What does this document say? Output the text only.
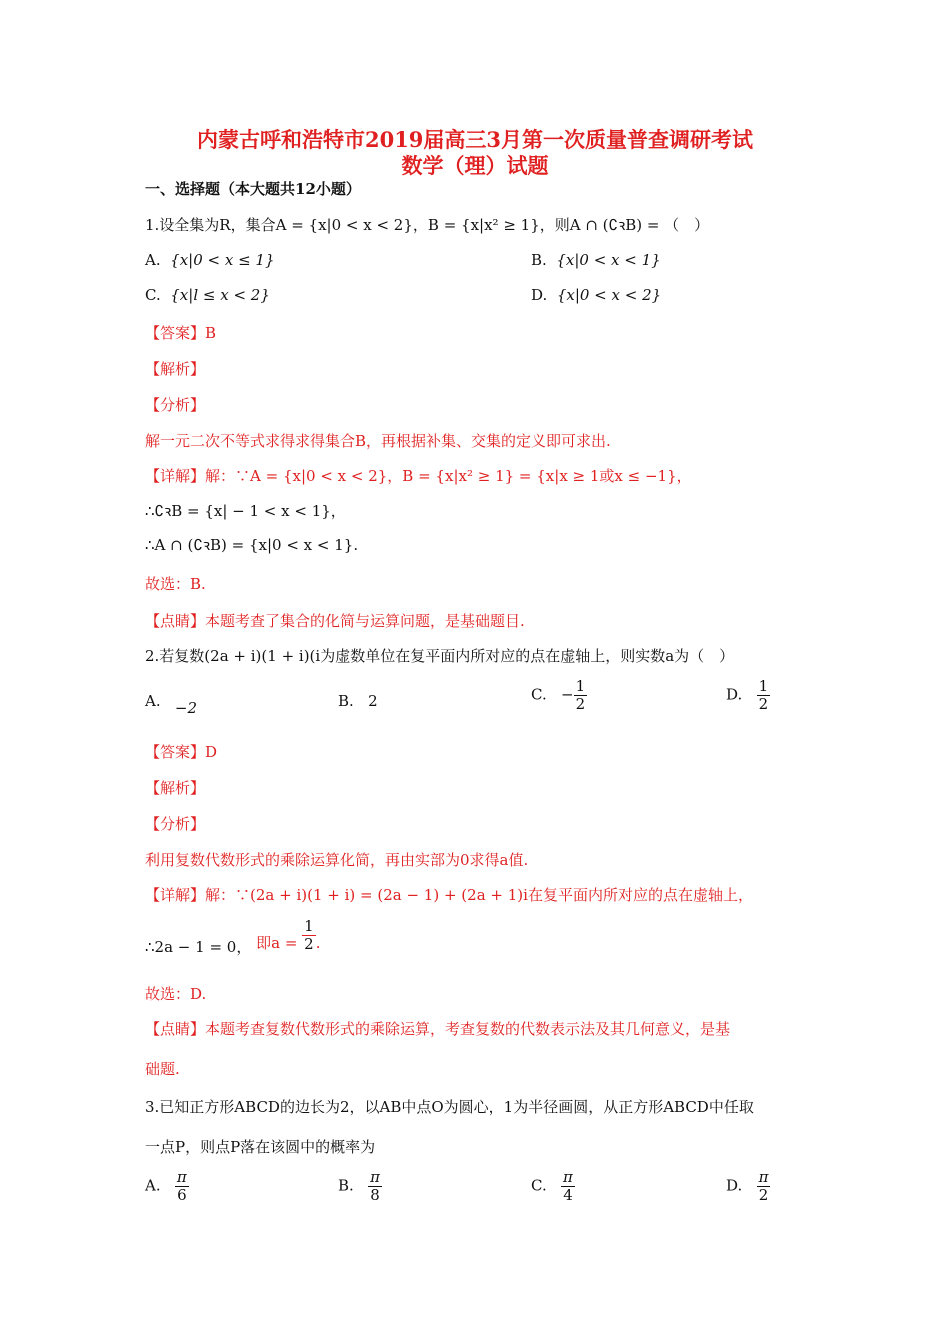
内蒙古呼和浩特市2019届高三3月第一次质量普查调研考试
数学（理）试题
一、选择题（本大题共12小题）
1.设全集为R，集合A = {x|0 < x < 2}，B = {x|x² ≥ 1}，则A ∩ (∁ꝛB) = （　）
A. {x|0 < x ≤ 1}	B. {x|0 < x < 1}
C. {x|l ≤ x < 2}	D. {x|0 < x < 2}
【答案】B
【解析】
【分析】
解一元二次不等式求得求得集合B，再根据补集、交集的定义即可求出.
【详解】解：∵A = {x|0 < x < 2}，B = {x|x² ≥ 1} = {x|x ≥ 1或x ≤ −1}，
∴∁ꝛB = {x| − 1 < x < 1}，
∴A ∩ (∁ꝛB) = {x|0 < x < 1}.
故选：B.
【点睛】本题考查了集合的化简与运算问题，是基础题目.
2.若复数(2a + i)(1 + i)(i为虚数单位在复平面内所对应的点在虚轴上，则实数a为（　）
A. −2	B. 2	C. − $\frac{1}{2}$	D. $\frac{1}{2}$
【答案】D
【解析】
【分析】
利用复数代数形式的乘除运算化简，再由实部为0求得a值.
【详解】解：∵(2a + i)(1 + i) = (2a − 1) + (2a + 1)i在复平面内所对应的点在虚轴上，
∴2a − 1 = 0， 即$a = \frac{1}{2}$ .
故选：D.
【点睛】本题考查复数代数形式的乘除运算，考查复数的代数表示法及其几何意义，是基
础题.
3.已知正方形ABCD的边长为2，以AB中点O为圆心，1为半径画圆，从正方形ABCD中任取
一点P，则点P落在该圆中的概率为
A. $\frac{\pi}{6}$	B. $\frac{\pi}{8}$	C. $\frac{\pi}{4}$	D. $\frac{\pi}{2}$
